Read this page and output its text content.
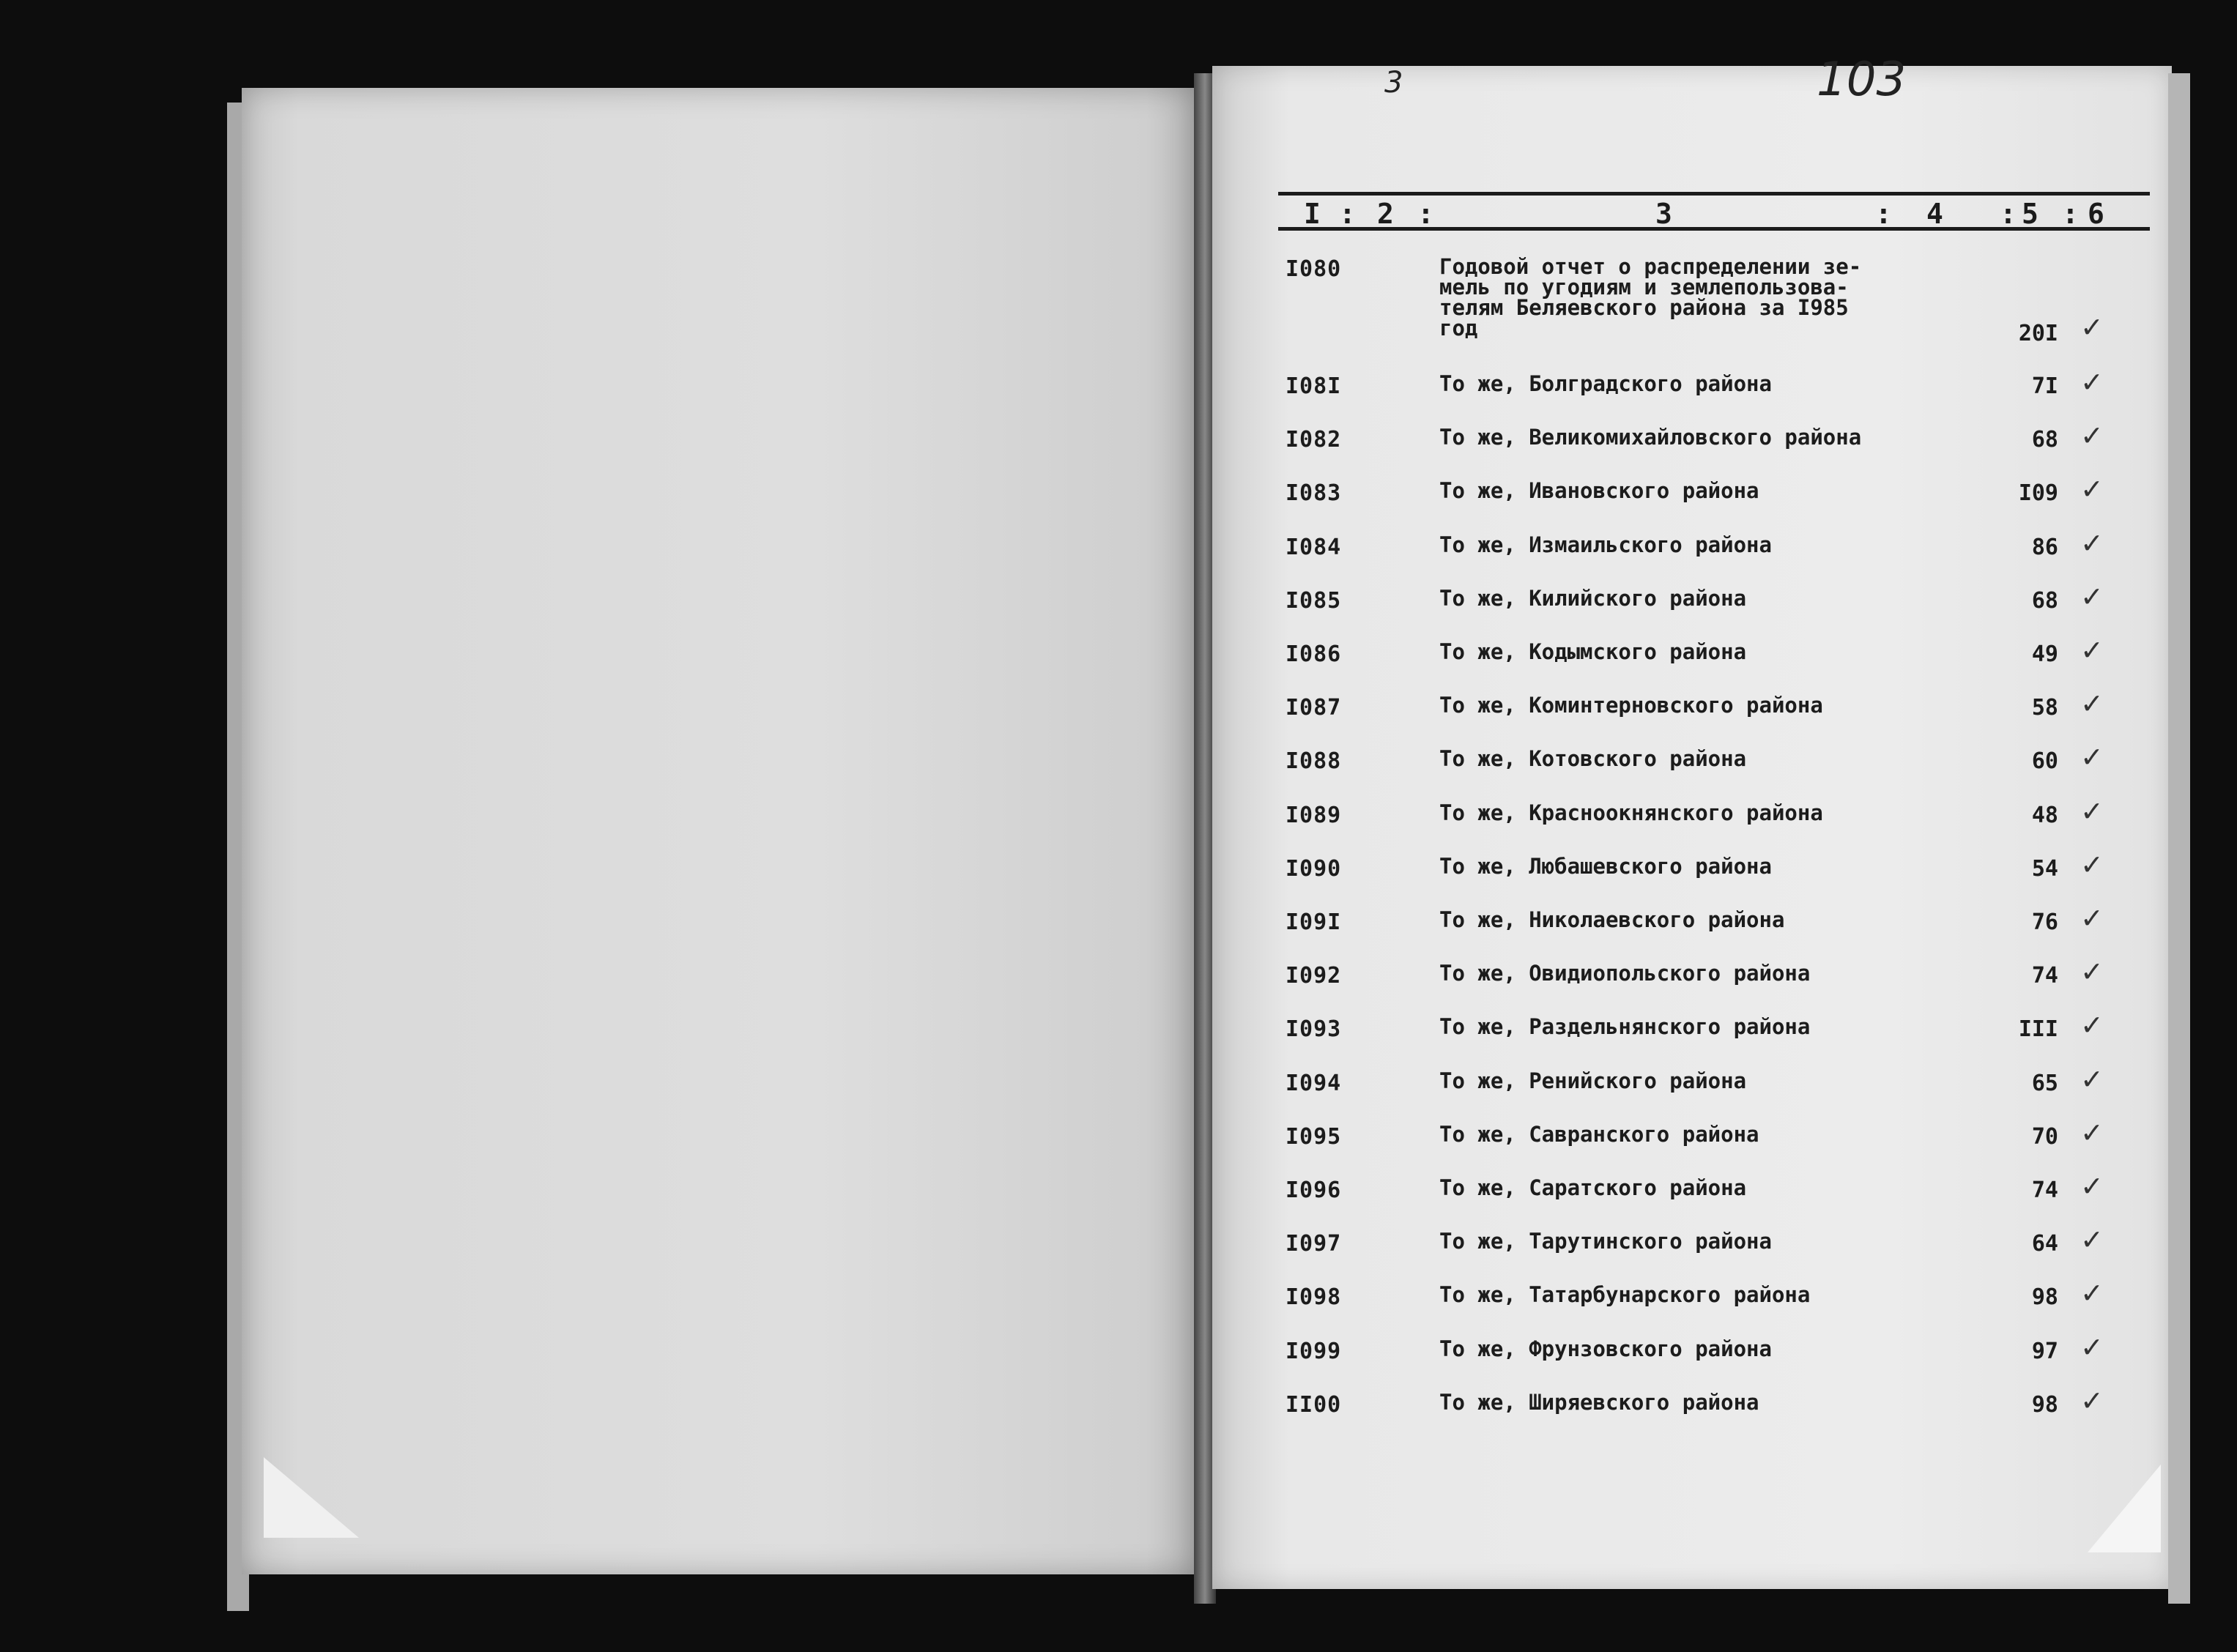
103
3
I 2	3	4	5 6
: :	:	: :
I080	Годовой отчет о распределении зе-
мель по угодиям и землепользова-
телям Беляевского района за I985
год	20I ✓
I08I	То же, Болградского района	7I ✓
I082	То же, Великомихайловского района	68 ✓
I083	То же, Ивановского района	I09 ✓
I084	То же, Измаильского района	86 ✓
I085	То же, Килийского района	68 ✓
I086	То же, Кодымского района	49 ✓
I087	То же, Коминтерновского района	58 ✓
I088	То же, Котовского района	60 ✓
I089	То же, Красноокнянского района	48 ✓
I090	То же, Любашевского района	54 ✓
I09I	То же, Николаевского района	76 ✓
I092	То же, Овидиопольского района	74 ✓
I093	То же, Раздельнянского района	III ✓
I094	То же, Ренийского района	65 ✓
I095	То же, Савранского района	70 ✓
I096	То же, Саратского района	74 ✓
I097	То же, Тарутинского района	64 ✓
I098	То же, Татарбунарского района	98 ✓
I099	То же, Фрунзовского района	97 ✓
II00	То же, Ширяевского района	98 ✓
